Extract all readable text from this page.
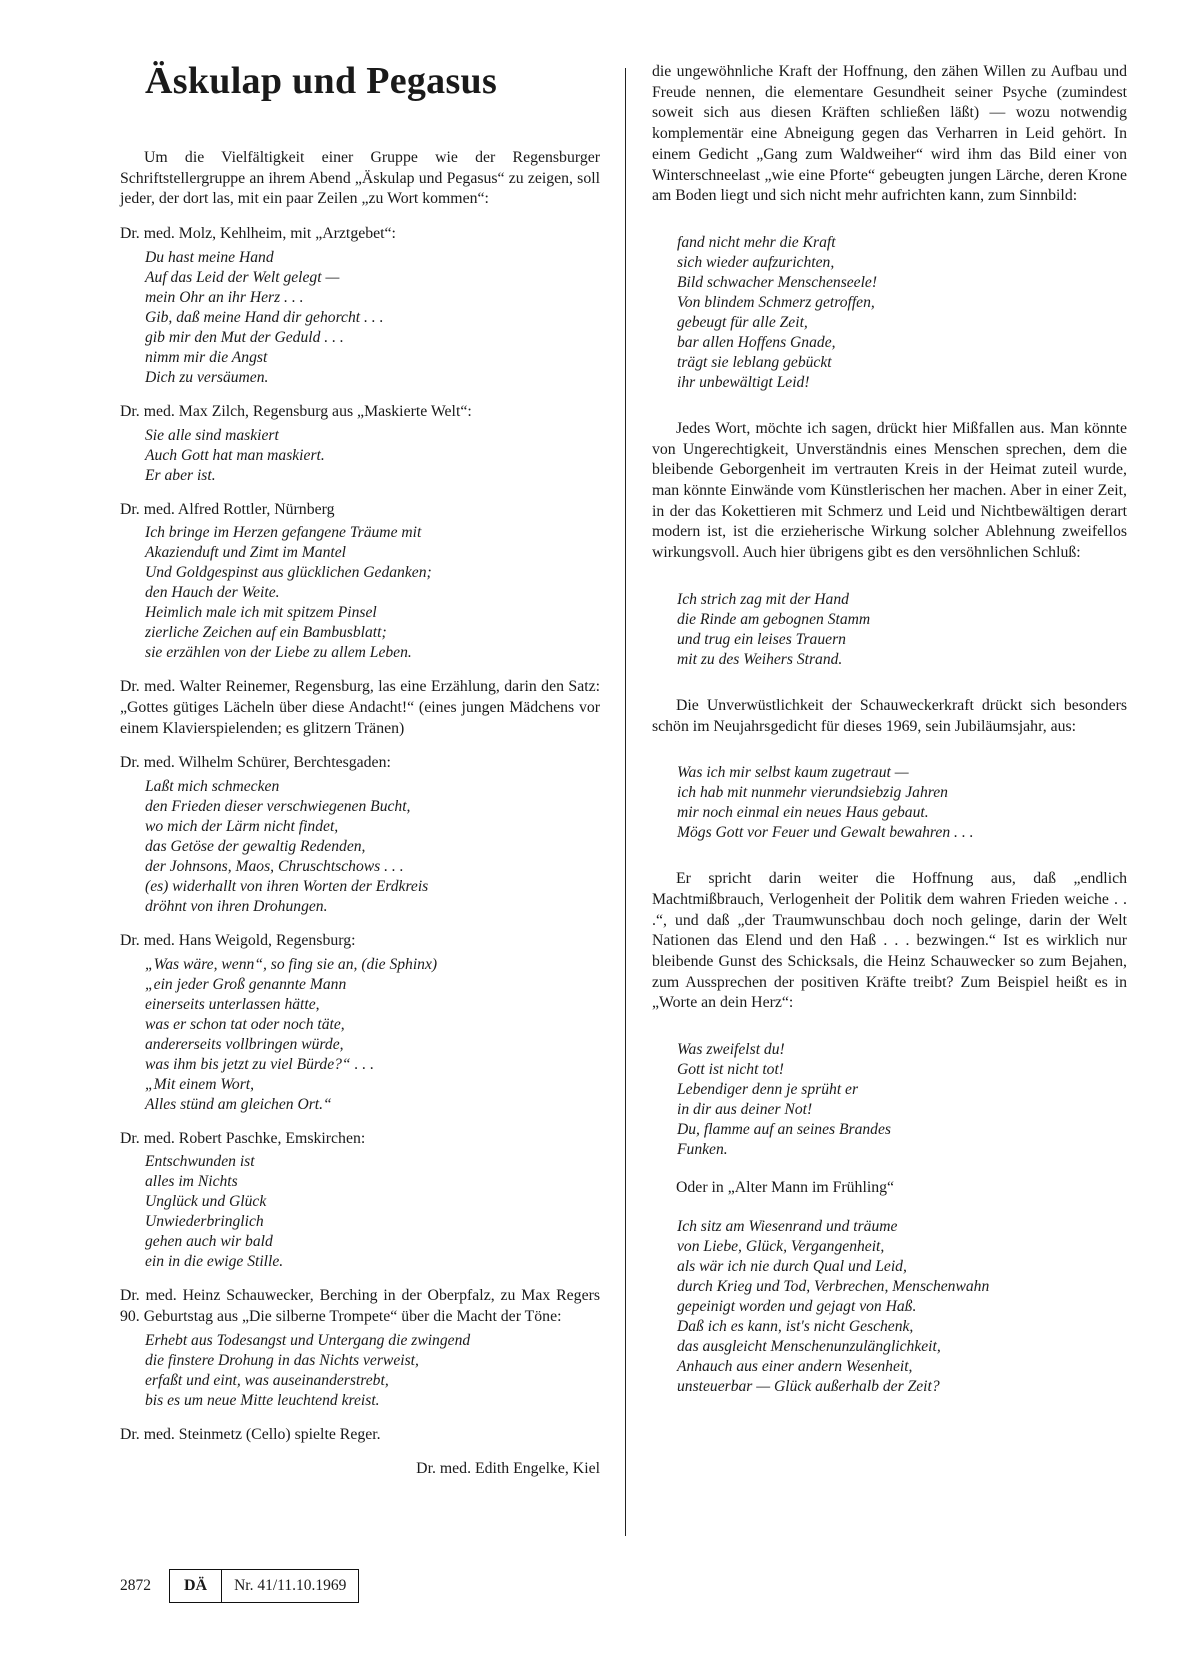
Äskulap und Pegasus

Um die Vielfältigkeit einer Gruppe wie der Regensburger Schriftstellergruppe an ihrem Abend „Äskulap und Pegasus“ zu zeigen, soll jeder, der dort las, mit ein paar Zeilen „zu Wort kommen“:

Dr. med. Molz, Kehlheim, mit „Arztgebet“:

Du hast meine Hand
Auf das Leid der Welt gelegt —
mein Ohr an ihr Herz . . .
Gib, daß meine Hand dir gehorcht . . .
gib mir den Mut der Geduld . . .
nimm mir die Angst
Dich zu versäumen.

Dr. med. Max Zilch, Regensburg aus „Maskierte Welt“:

Sie alle sind maskiert
Auch Gott hat man maskiert.
Er aber ist.

Dr. med. Alfred Rottler, Nürnberg

Ich bringe im Herzen gefangene Träume mit
Akazienduft und Zimt im Mantel
Und Goldgespinst aus glücklichen Gedanken;
den Hauch der Weite.
Heimlich male ich mit spitzem Pinsel
zierliche Zeichen auf ein Bambusblatt;
sie erzählen von der Liebe zu allem Leben.

Dr. med. Walter Reinemer, Regensburg, las eine Erzählung, darin den Satz: „Gottes gütiges Lächeln über diese Andacht!“ (eines jungen Mädchens vor einem Klavierspielenden; es glitzern Tränen)

Dr. med. Wilhelm Schürer, Berchtesgaden:

Laßt mich schmecken
den Frieden dieser verschwiegenen Bucht,
wo mich der Lärm nicht findet,
das Getöse der gewaltig Redenden,
der Johnsons, Maos, Chruschtschows . . .
(es) widerhallt von ihren Worten der Erdkreis
dröhnt von ihren Drohungen.

Dr. med. Hans Weigold, Regensburg:

„Was wäre, wenn“, so fing sie an, (die Sphinx)
„ein jeder Groß genannte Mann
einerseits unterlassen hätte,
was er schon tat oder noch täte,
andererseits vollbringen würde,
was ihm bis jetzt zu viel Bürde?“ . . .
„Mit einem Wort,
Alles stünd am gleichen Ort.“

Dr. med. Robert Paschke, Emskirchen:

Entschwunden ist
alles im Nichts
Unglück und Glück
Unwiederbringlich
gehen auch wir bald
ein in die ewige Stille.

Dr. med. Heinz Schauwecker, Berching in der Oberpfalz, zu Max Regers 90. Geburtstag aus „Die silberne Trompete“ über die Macht der Töne:

Erhebt aus Todesangst und Untergang die zwingend
die finstere Drohung in das Nichts verweist,
erfaßt und eint, was auseinanderstrebt,
bis es um neue Mitte leuchtend kreist.

Dr. med. Steinmetz (Cello) spielte Reger.

Dr. med. Edith Engelke, Kiel

die ungewöhnliche Kraft der Hoffnung, den zähen Willen zu Aufbau und Freude nennen, die elementare Gesundheit seiner Psyche (zumindest soweit sich aus diesen Kräften schließen läßt) — wozu notwendig komplementär eine Abneigung gegen das Verharren in Leid gehört. In einem Gedicht „Gang zum Waldweiher“ wird ihm das Bild einer von Winterschneelast „wie eine Pforte“ gebeugten jungen Lärche, deren Krone am Boden liegt und sich nicht mehr aufrichten kann, zum Sinnbild:

fand nicht mehr die Kraft
sich wieder aufzurichten,
Bild schwacher Menschenseele!
Von blindem Schmerz getroffen,
gebeugt für alle Zeit,
bar allen Hoffens Gnade,
trägt sie leblang gebückt
ihr unbewältigt Leid!

Jedes Wort, möchte ich sagen, drückt hier Mißfallen aus. Man könnte von Ungerechtigkeit, Unverständnis eines Menschen sprechen, dem die bleibende Geborgenheit im vertrauten Kreis in der Heimat zuteil wurde, man könnte Einwände vom Künstlerischen her machen. Aber in einer Zeit, in der das Kokettieren mit Schmerz und Leid und Nichtbewältigen derart modern ist, ist die erzieherische Wirkung solcher Ablehnung zweifellos wirkungsvoll. Auch hier übrigens gibt es den versöhnlichen Schluß:

Ich strich zag mit der Hand
die Rinde am gebognen Stamm
und trug ein leises Trauern
mit zu des Weihers Strand.

Die Unverwüstlichkeit der Schauweckerkraft drückt sich besonders schön im Neujahrsgedicht für dieses 1969, sein Jubiläumsjahr, aus:

Was ich mir selbst kaum zugetraut —
ich hab mit nunmehr vierundsiebzig Jahren
mir noch einmal ein neues Haus gebaut.
Mögs Gott vor Feuer und Gewalt bewahren . . .

Er spricht darin weiter die Hoffnung aus, daß „endlich Machtmißbrauch, Verlogenheit der Politik dem wahren Frieden weiche . . .“, und daß „der Traumwunschbau doch noch gelinge, darin der Welt Nationen das Elend und den Haß . . . bezwingen.“ Ist es wirklich nur bleibende Gunst des Schicksals, die Heinz Schauwecker so zum Bejahen, zum Aussprechen der positiven Kräfte treibt? Zum Beispiel heißt es in „Worte an dein Herz“:

Was zweifelst du!
Gott ist nicht tot!
Lebendiger denn je sprüht er
in dir aus deiner Not!
Du, flamme auf an seines Brandes
Funken.

Oder in „Alter Mann im Frühling“

Ich sitz am Wiesenrand und träume
von Liebe, Glück, Vergangenheit,
als wär ich nie durch Qual und Leid,
durch Krieg und Tod, Verbrechen, Menschenwahn
gepeinigt worden und gejagt von Haß.
Daß ich es kann, ist's nicht Geschenk,
das ausgleicht Menschenunzulänglichkeit,
Anhauch aus einer andern Wesenheit,
unsteuerbar — Glück außerhalb der Zeit?
2872	DÄ	Nr. 41/11.10.1969
